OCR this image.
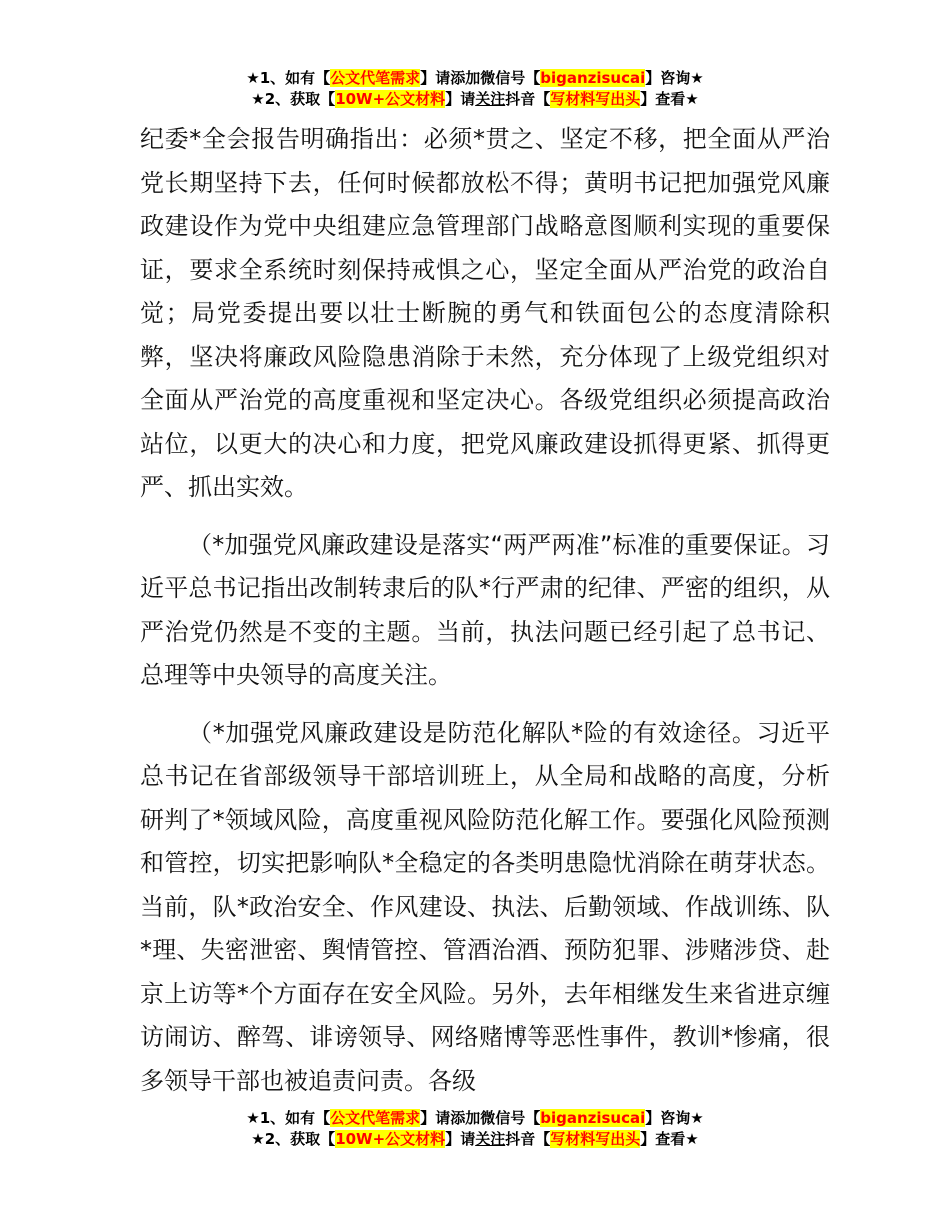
★1、如有【公文代笔需求】请添加微信号【biganzisucai】咨询★
★2、获取【10W+公文材料】请关注抖音【写材料写出头】查看★

纪委*全会报告明确指出：必须*贯之、坚定不移，把全面从严治党长期坚持下去，任何时候都放松不得；黄明书记把加强党风廉政建设作为党中央组建应急管理部门战略意图顺利实现的重要保证，要求全系统时刻保持戒惧之心，坚定全面从严治党的政治自觉；局党委提出要以壮士断腕的勇气和铁面包公的态度清除积弊，坚决将廉政风险隐患消除于未然，充分体现了上级党组织对全面从严治党的高度重视和坚定决心。各级党组织必须提高政治站位，以更大的决心和力度，把党风廉政建设抓得更紧、抓得更严、抓出实效。

（*加强党风廉政建设是落实“两严两准”标准的重要保证。习近平总书记指出改制转隶后的队*行严肃的纪律、严密的组织，从严治党仍然是不变的主题。当前，执法问题已经引起了总书记、总理等中央领导的高度关注。

（*加强党风廉政建设是防范化解队*险的有效途径。习近平总书记在省部级领导干部培训班上，从全局和战略的高度，分析研判了*领域风险，高度重视风险防范化解工作。要强化风险预测和管控，切实把影响队*全稳定的各类明患隐忧消除在萌芽状态。当前，队*政治安全、作风建设、执法、后勤领域、作战训练、队*理、失密泄密、舆情管控、管酒治酒、预防犯罪、涉赌涉贷、赴京上访等*个方面存在安全风险。另外，去年相继发生来省进京缠访闹访、醉驾、诽谤领导、网络赌博等恶性事件，教训*惨痛，很多领导干部也被追责问责。各级

★1、如有【公文代笔需求】请添加微信号【biganzisucai】咨询★
★2、获取【10W+公文材料】请关注抖音【写材料写出头】查看★
